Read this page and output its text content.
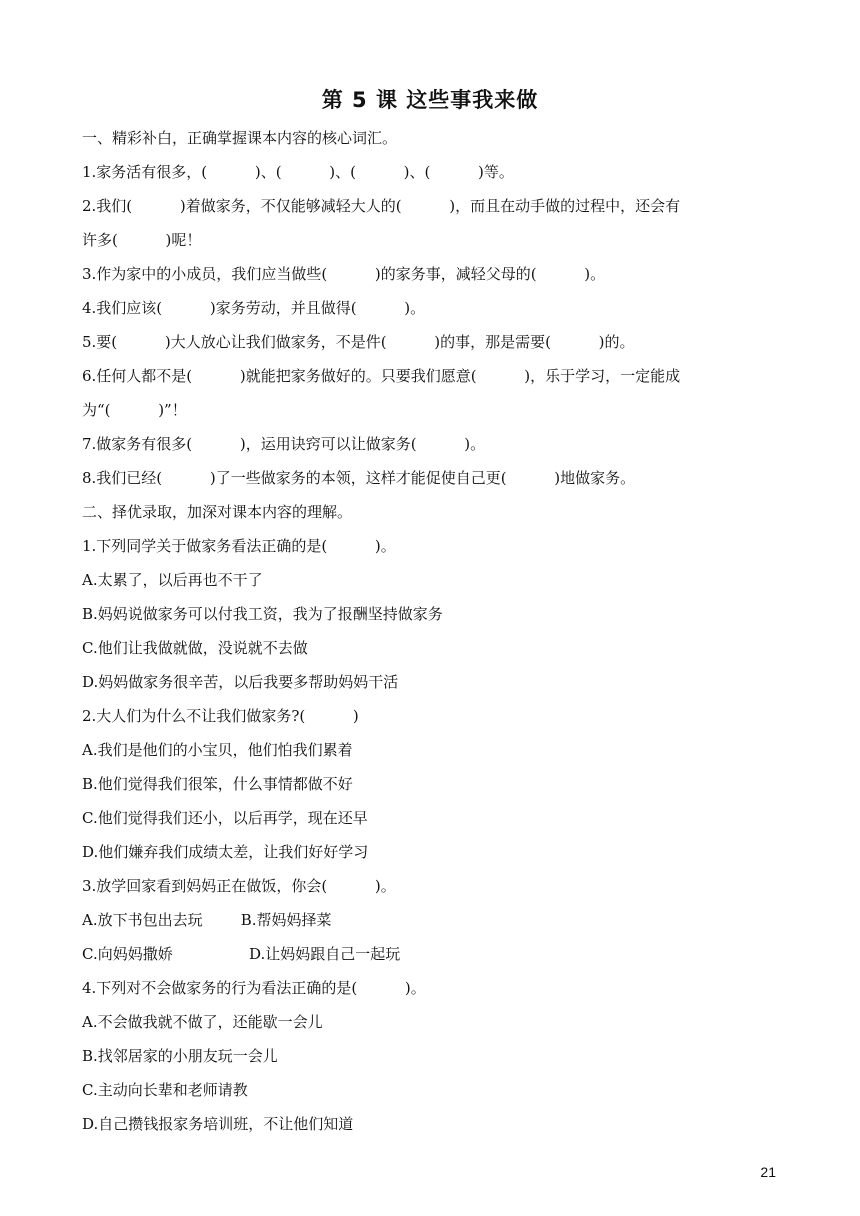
第 5 课 这些事我来做
一、精彩补白，正确掌握课本内容的核心词汇。
1.家务活有很多，(          )、(          )、(          )、(          )等。
2.我们(          )着做家务，不仅能够减轻大人的(          )，而且在动手做的过程中，还会有
许多(          )呢！
3.作为家中的小成员，我们应当做些(          )的家务事，减轻父母的(          )。
4.我们应该(          )家务劳动，并且做得(          )。
5.要(          )大人放心让我们做家务，不是件(          )的事，那是需要(          )的。
6.任何人都不是(          )就能把家务做好的。只要我们愿意(          )，乐于学习，一定能成
为“(          )”！
7.做家务有很多(          )，运用诀窍可以让做家务(          )。
8.我们已经(          )了一些做家务的本领，这样才能促使自己更(          )地做家务。
二、择优录取，加深对课本内容的理解。
1.下列同学关于做家务看法正确的是(          )。
A.太累了，以后再也不干了
B.妈妈说做家务可以付我工资，我为了报酬坚持做家务
C.他们让我做就做，没说就不去做
D.妈妈做家务很辛苦，以后我要多帮助妈妈干活
2.大人们为什么不让我们做家务?(          )
A.我们是他们的小宝贝，他们怕我们累着
B.他们觉得我们很笨，什么事情都做不好
C.他们觉得我们还小，以后再学，现在还早
D.他们嫌弃我们成绩太差，让我们好好学习
3.放学回家看到妈妈正在做饭，你会(          )。
A.放下书包出去玩        B.帮妈妈择菜
C.向妈妈撒娇                D.让妈妈跟自己一起玩
4.下列对不会做家务的行为看法正确的是(          )。
A.不会做我就不做了，还能歇一会儿
B.找邻居家的小朋友玩一会儿
C.主动向长辈和老师请教
D.自己攒钱报家务培训班，不让他们知道
21
